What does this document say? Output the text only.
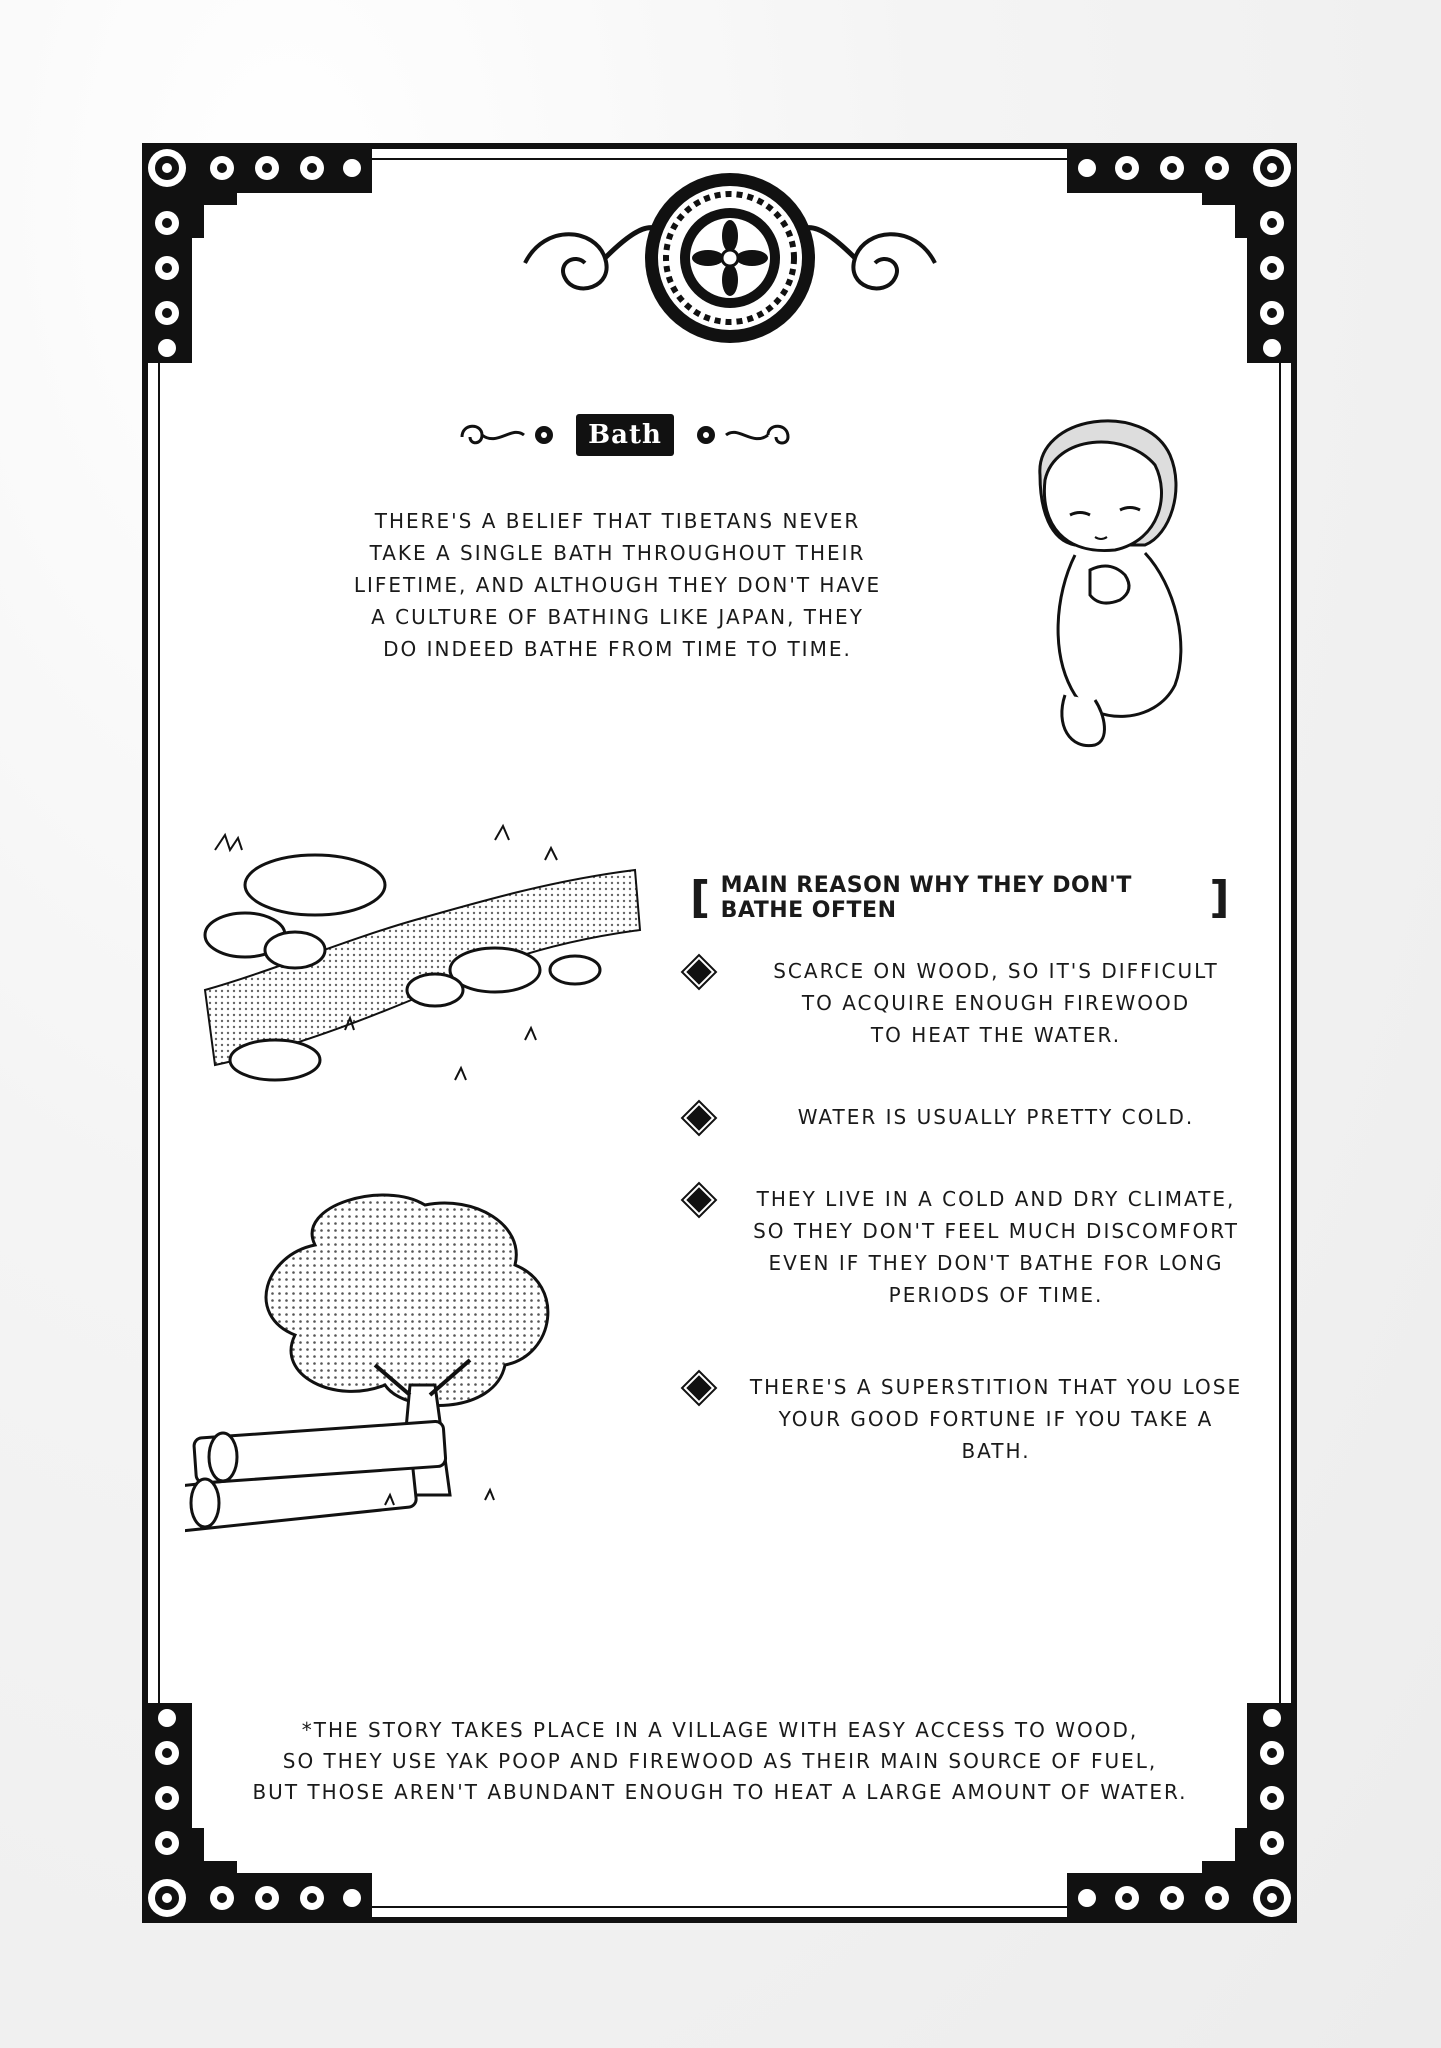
Bath
THERE'S A BELIEF THAT TIBETANS NEVER
TAKE A SINGLE BATH THROUGHOUT THEIR
LIFETIME, AND ALTHOUGH THEY DON'T HAVE
A CULTURE OF BATHING LIKE JAPAN, THEY
DO INDEED BATHE FROM TIME TO TIME.
[ MAIN REASON WHY THEY DON'T BATHE OFTEN	]
SCARCE ON WOOD, SO IT'S DIFFICULT
TO ACQUIRE ENOUGH FIREWOOD
TO HEAT THE WATER.
WATER IS USUALLY PRETTY COLD.
THEY LIVE IN A COLD AND DRY CLIMATE,
SO THEY DON'T FEEL MUCH DISCOMFORT
EVEN IF THEY DON'T BATHE FOR LONG
PERIODS OF TIME.
THERE'S A SUPERSTITION THAT YOU LOSE
YOUR GOOD FORTUNE IF YOU TAKE A BATH.
*THE STORY TAKES PLACE IN A VILLAGE WITH EASY ACCESS TO WOOD,
SO THEY USE YAK POOP AND FIREWOOD AS THEIR MAIN SOURCE OF FUEL,
BUT THOSE AREN'T ABUNDANT ENOUGH TO HEAT A LARGE AMOUNT OF WATER.
